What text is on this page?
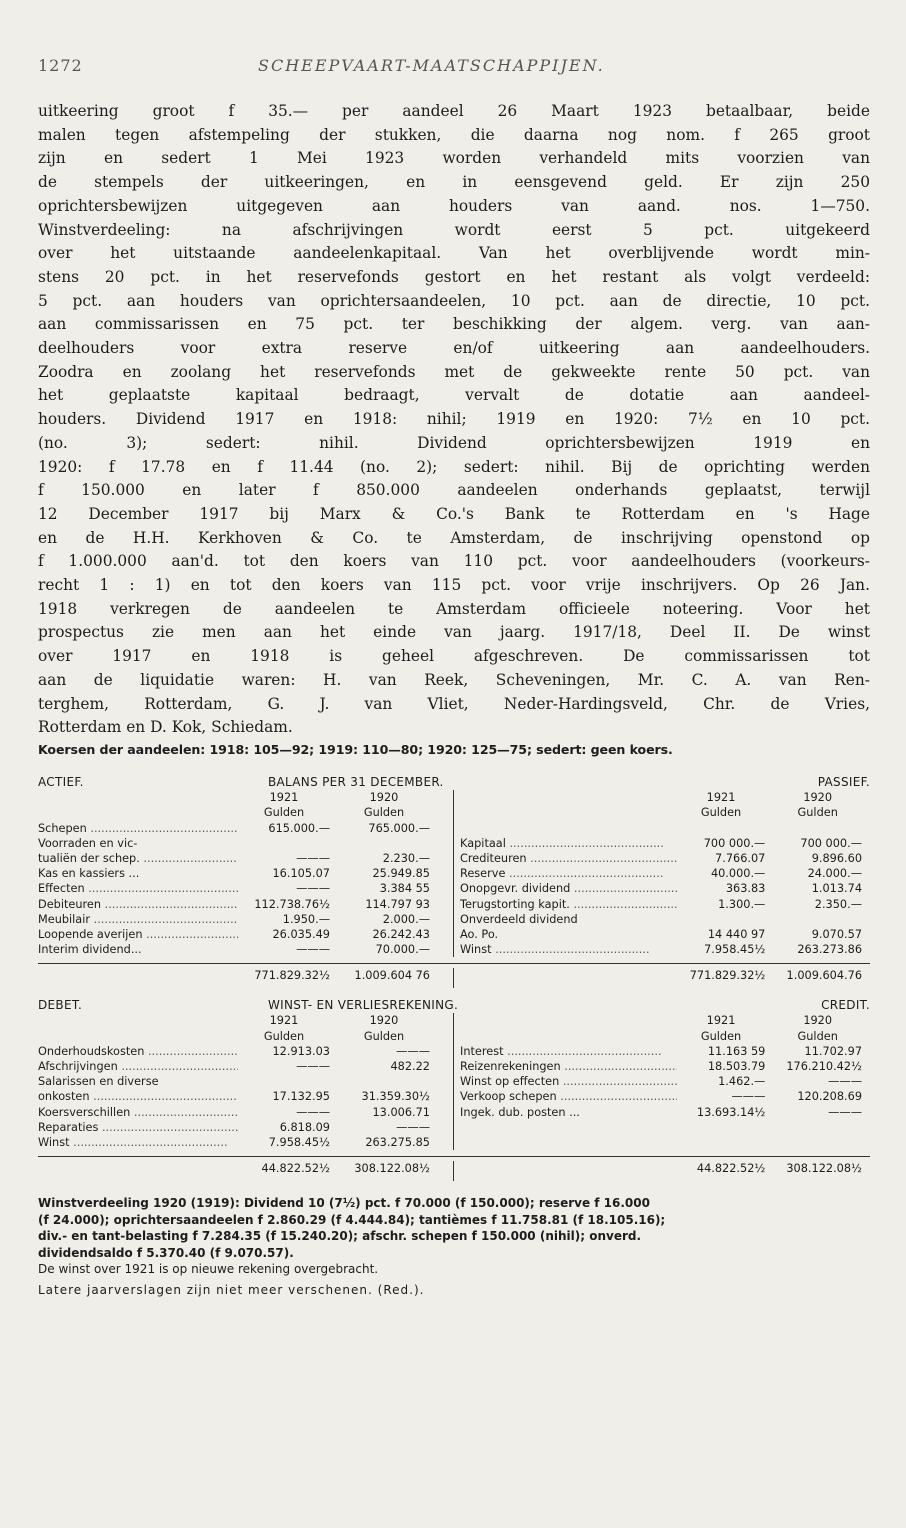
1272	SCHEEPVAART-MAATSCHAPPIJEN.

uitkeering groot f 35.— per aandeel 26 Maart 1923 betaalbaar, beide

malen tegen afstempeling der stukken, die daarna nog nom. f 265 groot

zijn en sedert 1 Mei 1923 worden verhandeld mits voorzien van

de stempels der uitkeeringen, en in eensgevend geld. Er zijn 250

oprichtersbewijzen uitgegeven aan houders van aand. nos. 1—750.

Winstverdeeling: na afschrijvingen wordt eerst 5 pct. uitgekeerd

over het uitstaande aandeelenkapitaal. Van het overblijvende wordt min-

stens 20 pct. in het reservefonds gestort en het restant als volgt verdeeld:

5 pct. aan houders van oprichtersaandeelen, 10 pct. aan de directie, 10 pct.

aan commissarissen en 75 pct. ter beschikking der algem. verg. van aan-

deelhouders voor extra reserve en/of uitkeering aan aandeelhouders.

Zoodra en zoolang het reservefonds met de gekweekte rente 50 pct. van

het geplaatste kapitaal bedraagt, vervalt de dotatie aan aandeel-

houders. Dividend 1917 en 1918: nihil; 1919 en 1920: 7½ en 10 pct.

(no. 3); sedert: nihil. Dividend oprichtersbewijzen 1919 en

1920: f 17.78 en f 11.44 (no. 2); sedert: nihil. Bij de oprichting werden

f 150.000 en later f 850.000 aandeelen onderhands geplaatst, terwijl

12 December 1917 bij Marx & Co.'s Bank te Rotterdam en 's Hage

en de H.H. Kerkhoven & Co. te Amsterdam, de inschrijving openstond op

f 1.000.000 aan'd. tot den koers van 110 pct. voor aandeelhouders (voorkeurs-

recht 1 : 1) en tot den koers van 115 pct. voor vrije inschrijvers. Op 26 Jan.

1918 verkregen de aandeelen te Amsterdam officieele noteering. Voor het

prospectus zie men aan het einde van jaarg. 1917/18, Deel II. De winst

over 1917 en 1918 is geheel afgeschreven. De commissarissen tot

aan de liquidatie waren: H. van Reek, Scheveningen, Mr. C. A. van Ren-

terghem, Rotterdam, G. J. van Vliet, Neder-Hardingsveld, Chr. de Vries,

Rotterdam en D. Kok, Schiedam.

Koersen der aandeelen: 1918: 105—92; 1919: 110—80; 1920: 125—75; sedert: geen koers.
ACTIEF.	BALANS PER 31 DECEMBER.	PASSIEF.
1921	1920	1921	1920
Gulden	Gulden	Gulden	Gulden
Schepen .....	615.000.—	765.000.—
Voorraden en vic-	Kapitaal .....	700 000.—	700 000.—
tualiën der schep. .....	———	2.230.—	Crediteuren .....	7.766.07	9.896.60
Kas en kassiers ...	16.105.07	25.949.85	Reserve .....	40.000.—	24.000.—
Effecten .....	———	3.384 55	Onopgevr. dividend .....	363.83	1.013.74
Debiteuren .....	112.738.76½	114.797 93	Terugstorting kapit. .....	1.300.—	2.350.—
Meubilair .....	1.950.—	2.000.—	Onverdeeld dividend
Loopende averijen .....	26.035.49	26.242.43	Ao. Po.	14 440 97	9.070.57
Interim dividend...	———	70.000.—	Winst .....	7.958.45½	263.273.86
771.829.32½	1.009.604 76	771.829.32½	1.009.604.76
DEBET.	WINST- EN VERLIESREKENING.	CREDIT.
1921	1920	1921	1920
Gulden	Gulden	Gulden	Gulden
Onderhoudskosten .....	12.913.03	———	Interest .....	11.163 59	11.702.97
Afschrijvingen .....	———	482.22	Reizenrekeningen .....	18.503.79	176.210.42½
Salarissen en diverse	Winst op effecten .....	1.462.—	———
onkosten .....	17.132.95	31.359.30½	Verkoop schepen .....	———	120.208.69
Koersverschillen .....	———	13.006.71	Ingek. dub. posten ...	13.693.14½	———
Reparaties .....	6.818.09	———
Winst .....	7.958.45½	263.275.85
44.822.52½	308.122.08½	44.822.52½	308.122.08½

Winstverdeeling 1920 (1919): Dividend 10 (7½) pct. f 70.000 (f 150.000); reserve f 16.000

(f 24.000); oprichtersaandeelen f 2.860.29 (f 4.444.84); tantièmes f 11.758.81 (f 18.105.16);

div.- en tant-belasting f 7.284.35 (f 15.240.20); afschr. schepen f 150.000 (nihil); onverd.

dividendsaldo f 5.370.40 (f 9.070.57).

De winst over 1921 is op nieuwe rekening overgebracht.

Latere jaarverslagen zijn niet meer verschenen. (Red.).
